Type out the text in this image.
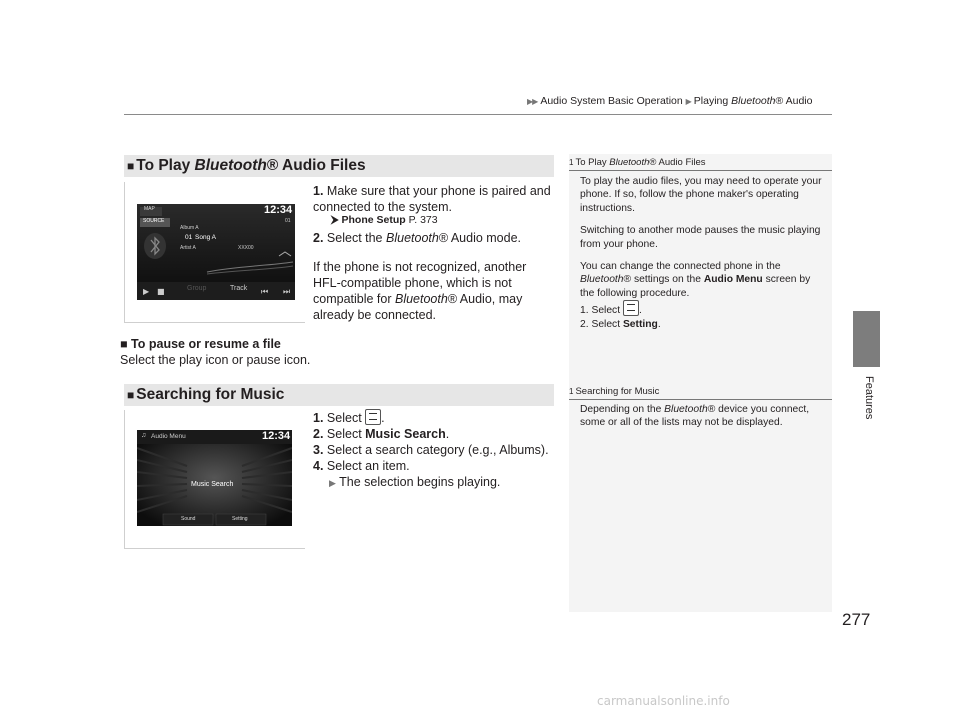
▶▶ Audio System Basic Operation ▶ Playing Bluetooth® Audio
Features
■ To Play Bluetooth® Audio Files
▶ ■	⏮ ⏭
MAP
SOURCE
12:34
01
Album A
01 Song A
Artist A	XXX00
Group	Track
1. Make sure that your phone is paired and connected to the system.
⮞ Phone Setup P. 373
2. Select the Bluetooth® Audio mode.
If the phone is not recognized, another HFL-compatible phone, which is not compatible for Bluetooth® Audio, may already be connected.
■ To pause or resume a file
Select the play icon or pause icon.
■ Searching for Music
♫ Audio Menu	12:34
Music Search
Sound	Setting
1. Select .
2. Select Music Search.
3. Select a search category (e.g., Albums).
4. Select an item.
▶ The selection begins playing.
1 To Play Bluetooth® Audio Files

To play the audio files, you may need to operate your phone. If so, follow the phone maker's operating instructions.

Switching to another mode pauses the music playing from your phone.

You can change the connected phone in the Bluetooth® settings on the Audio Menu screen by the following procedure.

1. Select .
2. Select Setting.
1 Searching for Music

Depending on the Bluetooth® device you connect, some or all of the lists may not be displayed.

277
carmanualsonline.info
